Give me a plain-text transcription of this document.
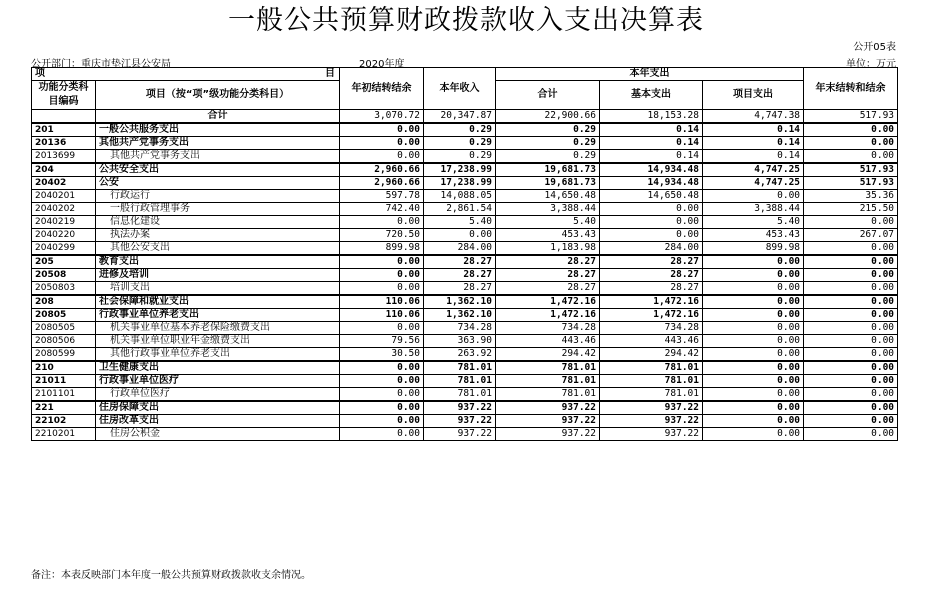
一般公共预算财政拨款收入支出决算表
公开05表
公开部门：重庆市垫江县公安局	2020年度	单位：万元
项 目		年初结转结余	本年收入	本年支出			年末结转和结余
功能分类科目编码	项目（按“项”级功能分类科目）			合计	基本支出	项目支出	

	合计	3,070.72	20,347.87	22,900.66	18,153.28	4,747.38	517.93
201	一般公共服务支出	0.00	0.29	0.29	0.14	0.14	0.00
20136	其他共产党事务支出	0.00	0.29	0.29	0.14	0.14	0.00
2013699	其他共产党事务支出	0.00	0.29	0.29	0.14	0.14	0.00
204	公共安全支出	2,960.66	17,238.99	19,681.73	14,934.48	4,747.25	517.93
20402	公安	2,960.66	17,238.99	19,681.73	14,934.48	4,747.25	517.93
2040201	行政运行	597.78	14,088.05	14,650.48	14,650.48	0.00	35.36
2040202	一般行政管理事务	742.40	2,861.54	3,388.44	0.00	3,388.44	215.50
2040219	信息化建设	0.00	5.40	5.40	0.00	5.40	0.00
2040220	执法办案	720.50	0.00	453.43	0.00	453.43	267.07
2040299	其他公安支出	899.98	284.00	1,183.98	284.00	899.98	0.00
205	教育支出	0.00	28.27	28.27	28.27	0.00	0.00
20508	进修及培训	0.00	28.27	28.27	28.27	0.00	0.00
2050803	培训支出	0.00	28.27	28.27	28.27	0.00	0.00
208	社会保障和就业支出	110.06	1,362.10	1,472.16	1,472.16	0.00	0.00
20805	行政事业单位养老支出	110.06	1,362.10	1,472.16	1,472.16	0.00	0.00
2080505	机关事业单位基本养老保险缴费支出	0.00	734.28	734.28	734.28	0.00	0.00
2080506	机关事业单位职业年金缴费支出	79.56	363.90	443.46	443.46	0.00	0.00
2080599	其他行政事业单位养老支出	30.50	263.92	294.42	294.42	0.00	0.00
210	卫生健康支出	0.00	781.01	781.01	781.01	0.00	0.00
21011	行政事业单位医疗	0.00	781.01	781.01	781.01	0.00	0.00
2101101	行政单位医疗	0.00	781.01	781.01	781.01	0.00	0.00
221	住房保障支出	0.00	937.22	937.22	937.22	0.00	0.00
22102	住房改革支出	0.00	937.22	937.22	937.22	0.00	0.00
2210201	住房公积金	0.00	937.22	937.22	937.22	0.00	0.00
备注：本表反映部门本年度一般公共预算财政拨款收支余情况。
